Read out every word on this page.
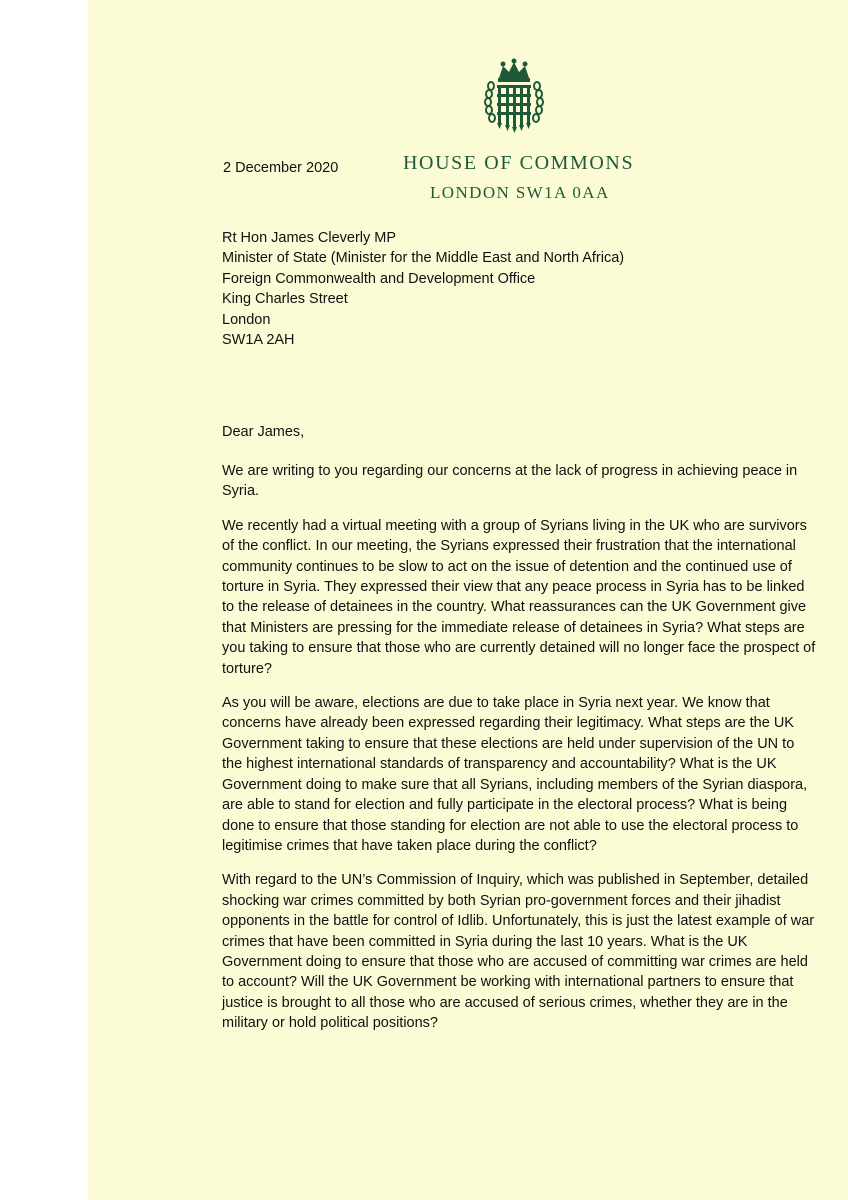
2 December 2020	HOUSE OF COMMONS
LONDON SW1A 0AA
Rt Hon James Cleverly MP
Minister of State (Minister for the Middle East and North Africa)
Foreign Commonwealth and Development Office
King Charles Street
London
SW1A 2AH
Dear James,

We are writing to you regarding our concerns at the lack of progress in achieving peace in Syria.

We recently had a virtual meeting with a group of Syrians living in the UK who are survivors of the conflict. In our meeting, the Syrians expressed their frustration that the international community continues to be slow to act on the issue of detention and the continued use of torture in Syria. They expressed their view that any peace process in Syria has to be linked to the release of detainees in the country. What reassurances can the UK Government give that Ministers are pressing for the immediate release of detainees in Syria? What steps are you taking to ensure that those who are currently detained will no longer face the prospect of torture?

As you will be aware, elections are due to take place in Syria next year. We know that concerns have already been expressed regarding their legitimacy. What steps are the UK Government taking to ensure that these elections are held under supervision of the UN to the highest international standards of transparency and accountability? What is the UK Government doing to make sure that all Syrians, including members of the Syrian diaspora, are able to stand for election and fully participate in the electoral process? What is being done to ensure that those standing for election are not able to use the electoral process to legitimise crimes that have taken place during the conflict?

With regard to the UN’s Commission of Inquiry, which was published in September, detailed shocking war crimes committed by both Syrian pro-government forces and their jihadist opponents in the battle for control of Idlib. Unfortunately, this is just the latest example of war crimes that have been committed in Syria during the last 10 years. What is the UK Government doing to ensure that those who are accused of committing war crimes are held to account? Will the UK Government be working with international partners to ensure that justice is brought to all those who are accused of serious crimes, whether they are in the military or hold political positions?
